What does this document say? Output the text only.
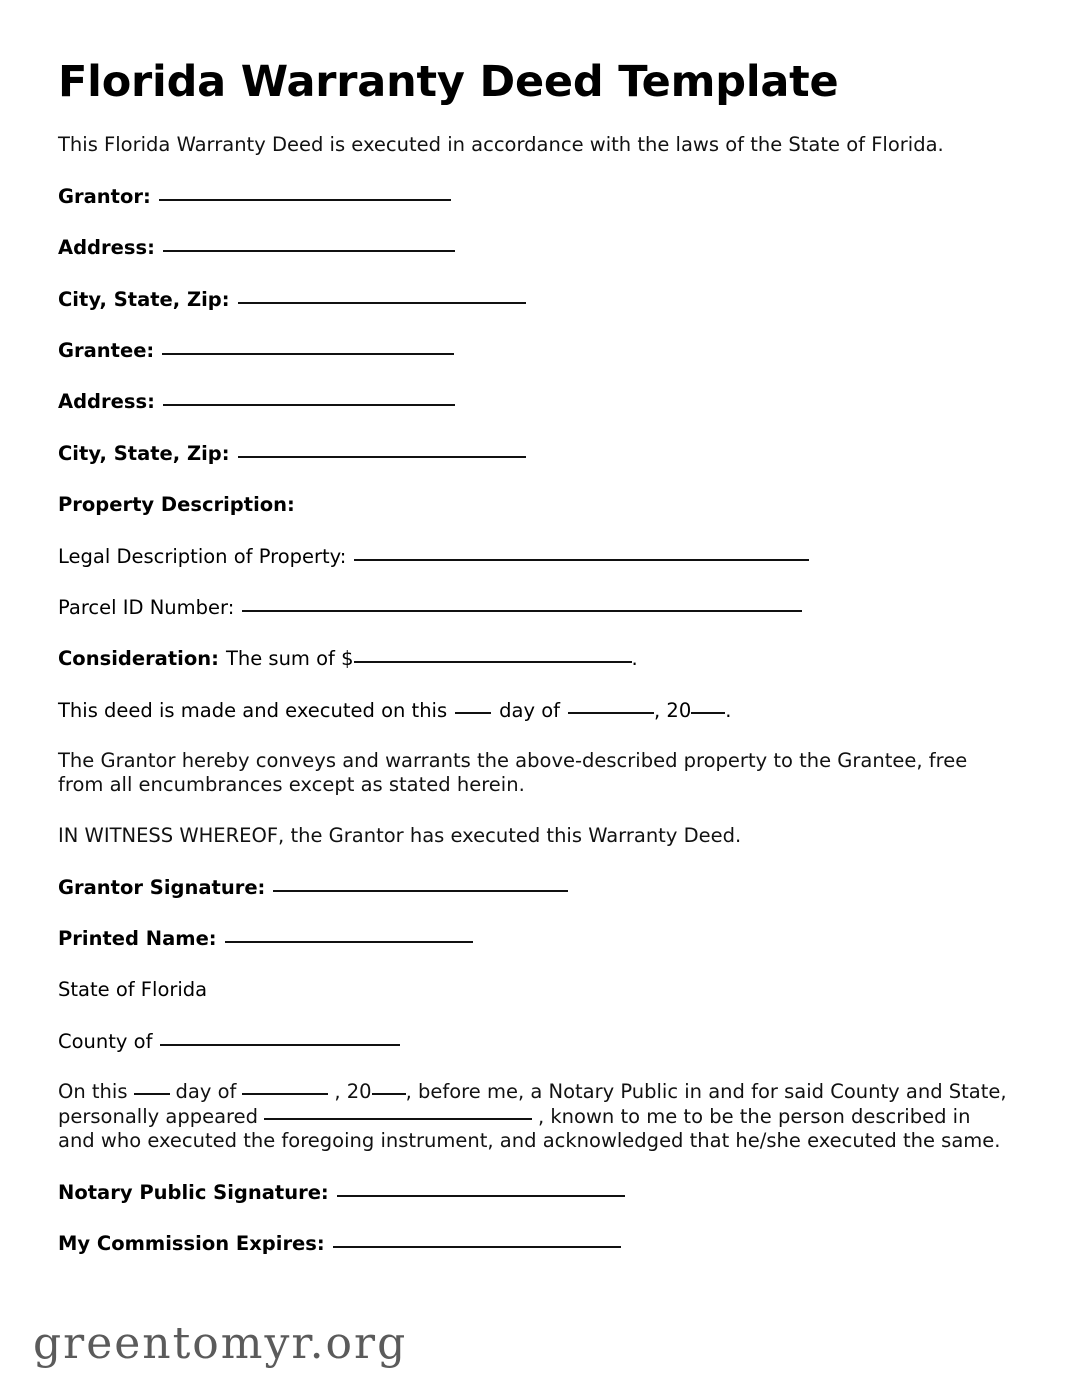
Florida Warranty Deed Template

This Florida Warranty Deed is executed in accordance with the laws of the State of Florida.

Grantor:
Address:
City, State, Zip:
Grantee:
Address:
City, State, Zip:
Property Description:
Legal Description of Property:
Parcel ID Number:
Consideration: The sum of $	.
This deed is made and executed on this	day of	, 20 .

The Grantor hereby conveys and warrants the above-described property to the Grantee, free from all encumbrances except as stated herein.

IN WITNESS WHEREOF, the Grantor has executed this Warranty Deed.

Grantor Signature:
Printed Name:
State of Florida
County of

On this day of	, 20 , before me, a Notary Public in and for said County and State, personally appeared	, known to me to be the person described in and who executed the foregoing instrument, and acknowledged that he/she executed the same.

Notary Public Signature:
My Commission Expires:
greentomyr.org
